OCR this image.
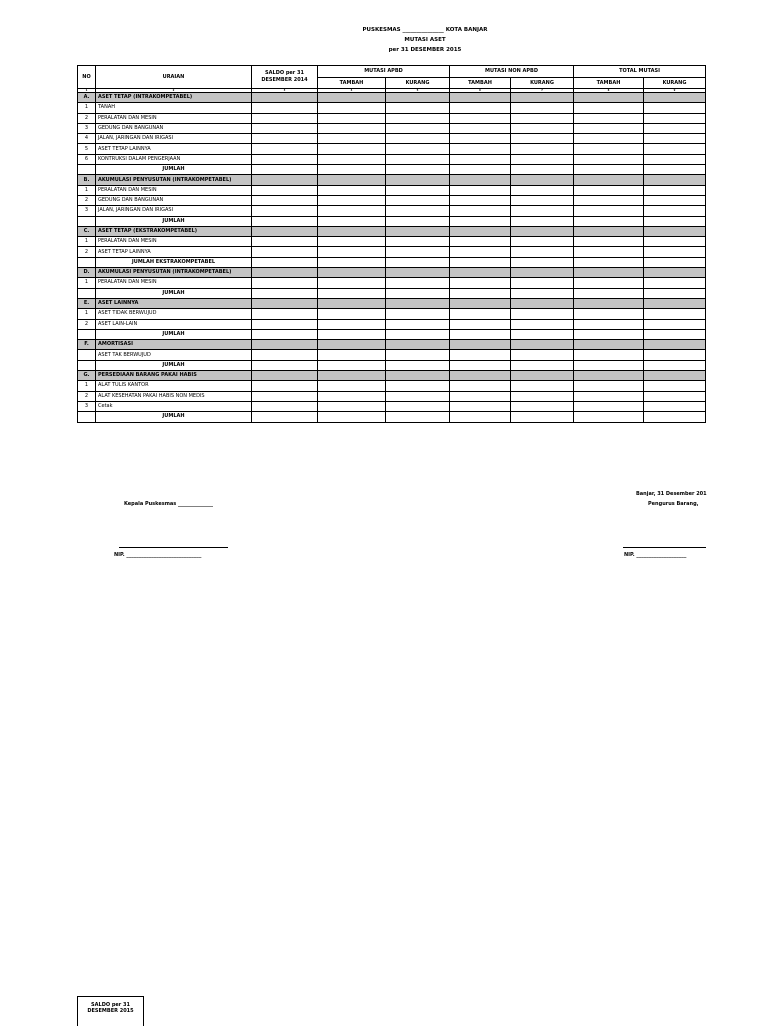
PUSKESMAS _______________ KOTA BANJAR
MUTASI ASET
per 31 DESEMBER 2015
NO	URAIAN	SALDO per 31
DESEMBER 2014	MUTASI APBD		MUTASI NON APBD		TOTAL MUTASI	
			TAMBAH	KURANG	TAMBAH	KURANG	TAMBAH	KURANG
1	2	3	4	5	6	7	8	9
A.	ASET TETAP (INTRAKOMPETABEL)							
1	TANAH							
2	PERALATAN DAN MESIN							
3	GEDUNG DAN BANGUNAN							
4	JALAN, JARINGAN DAN IRIGASI							
5	ASET TETAP LAINNYA							
6	KONTRUKSI DALAM PENGERJAAN							
	JUMLAH							
B.	AKUMULASI PENYUSUTAN (INTRAKOMPETABEL)							
1	PERALATAN DAN MESIN							
2	GEDUNG DAN BANGUNAN							
3	JALAN, JARINGAN DAN IRIGASI							
	JUMLAH							
C.	ASET TETAP (EKSTRAKOMPETABEL)							
1	PERALATAN DAN MESIN							
2	ASET TETAP LAINNYA							
	JUMLAH EKSTRAKOMPETABEL							
D.	AKUMULASI PENYUSUTAN (INTRAKOMPETABEL)							
1	PERALATAN DAN MESIN							
	JUMLAH							
E.	ASET LAINNYA							
1	ASET TIDAK BERWUJUD							
2	ASET LAIN-LAIN							
	JUMLAH							
F.	AMORTISASI							
	ASET TAK BERWUJUD							
	JUMLAH							
G.	PERSEDIAAN BARANG PAKAI HABIS							
1	ALAT TULIS KANTOR							
2	ALAT KESEHATAN PAKAI HABIS NON MEDIS							
3	Cetak							
	JUMLAH							
Kepala Puskesmas ______________
NIP. ______________________________
Banjar, 31 Desember 201
Pengurus Barang,
NIP. ____________________
SALDO per 31
DESEMBER 2015
